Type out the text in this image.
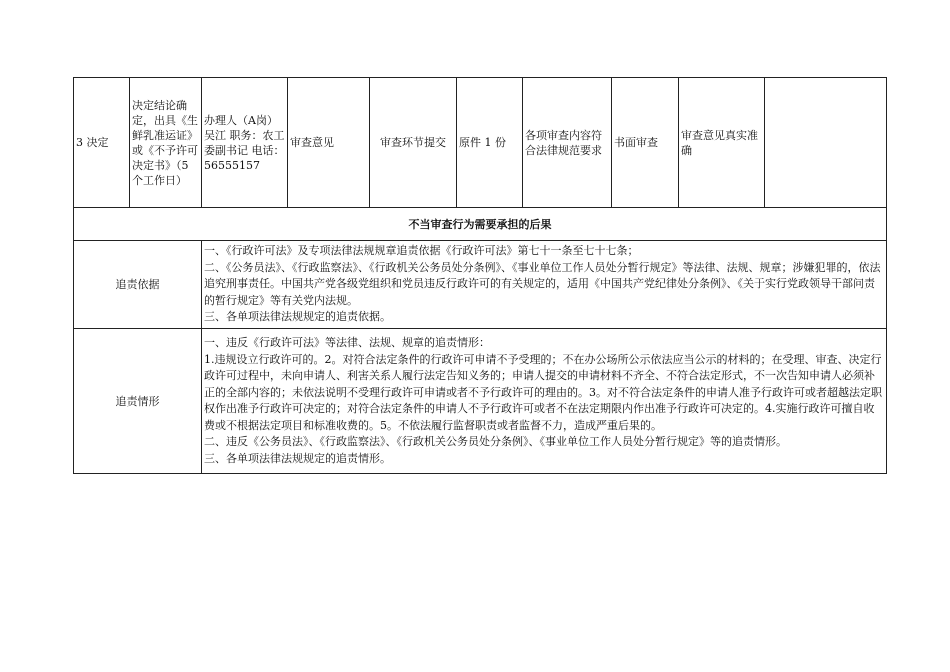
3 决定	决定结论确定，出具《生鲜乳准运证》或《不予许可决定书》（5个工作日）	办理人（A岗）吴江 职务：农工委副书记 电话：56555157	审查意见	审查环节提交	原件 1 份	各项审查内容符合法律规范要求	书面审查	审查意见真实准确	
不当审查行为需要承担的后果									
追责依据		一、《行政许可法》及专项法律法规规章追责依据《行政许可法》第七十一条至七十七条；
二、《公务员法》、《行政监察法》、《行政机关公务员处分条例》、《事业单位工作人员处分暂行规定》等法律、法规、规章；涉嫌犯罪的，依法追究刑事责任。中国共产党各级党组织和党员违反行政许可的有关规定的，适用《中国共产党纪律处分条例》、《关于实行党政领导干部问责的暂行规定》等有关党内法规。
三、各单项法律法规规定的追责依据。							

追责情形		一、违反《行政许可法》等法律、法规、规章的追责情形：
1.违规设立行政许可的。2。对符合法定条件的行政许可申请不予受理的；不在办公场所公示依法应当公示的材料的；在受理、审查、决定行政许可过程中，未向申请人、利害关系人履行法定告知义务的；申请人提交的申请材料不齐全、不符合法定形式，不一次告知申请人必须补正的全部内容的；未依法说明不受理行政许可申请或者不予行政许可的理由的。3。对不符合法定条件的申请人准予行政许可或者超越法定职权作出准予行政许可决定的；对符合法定条件的申请人不予行政许可或者不在法定期限内作出准予行政许可决定的。4.实施行政许可擅自收费或不根据法定项目和标准收费的。5。不依法履行监督职责或者监督不力，造成严重后果的。
二、违反《公务员法》、《行政监察法》、《行政机关公务员处分条例》、《事业单位工作人员处分暂行规定》等的追责情形。
三、各单项法律法规规定的追责情形。							
